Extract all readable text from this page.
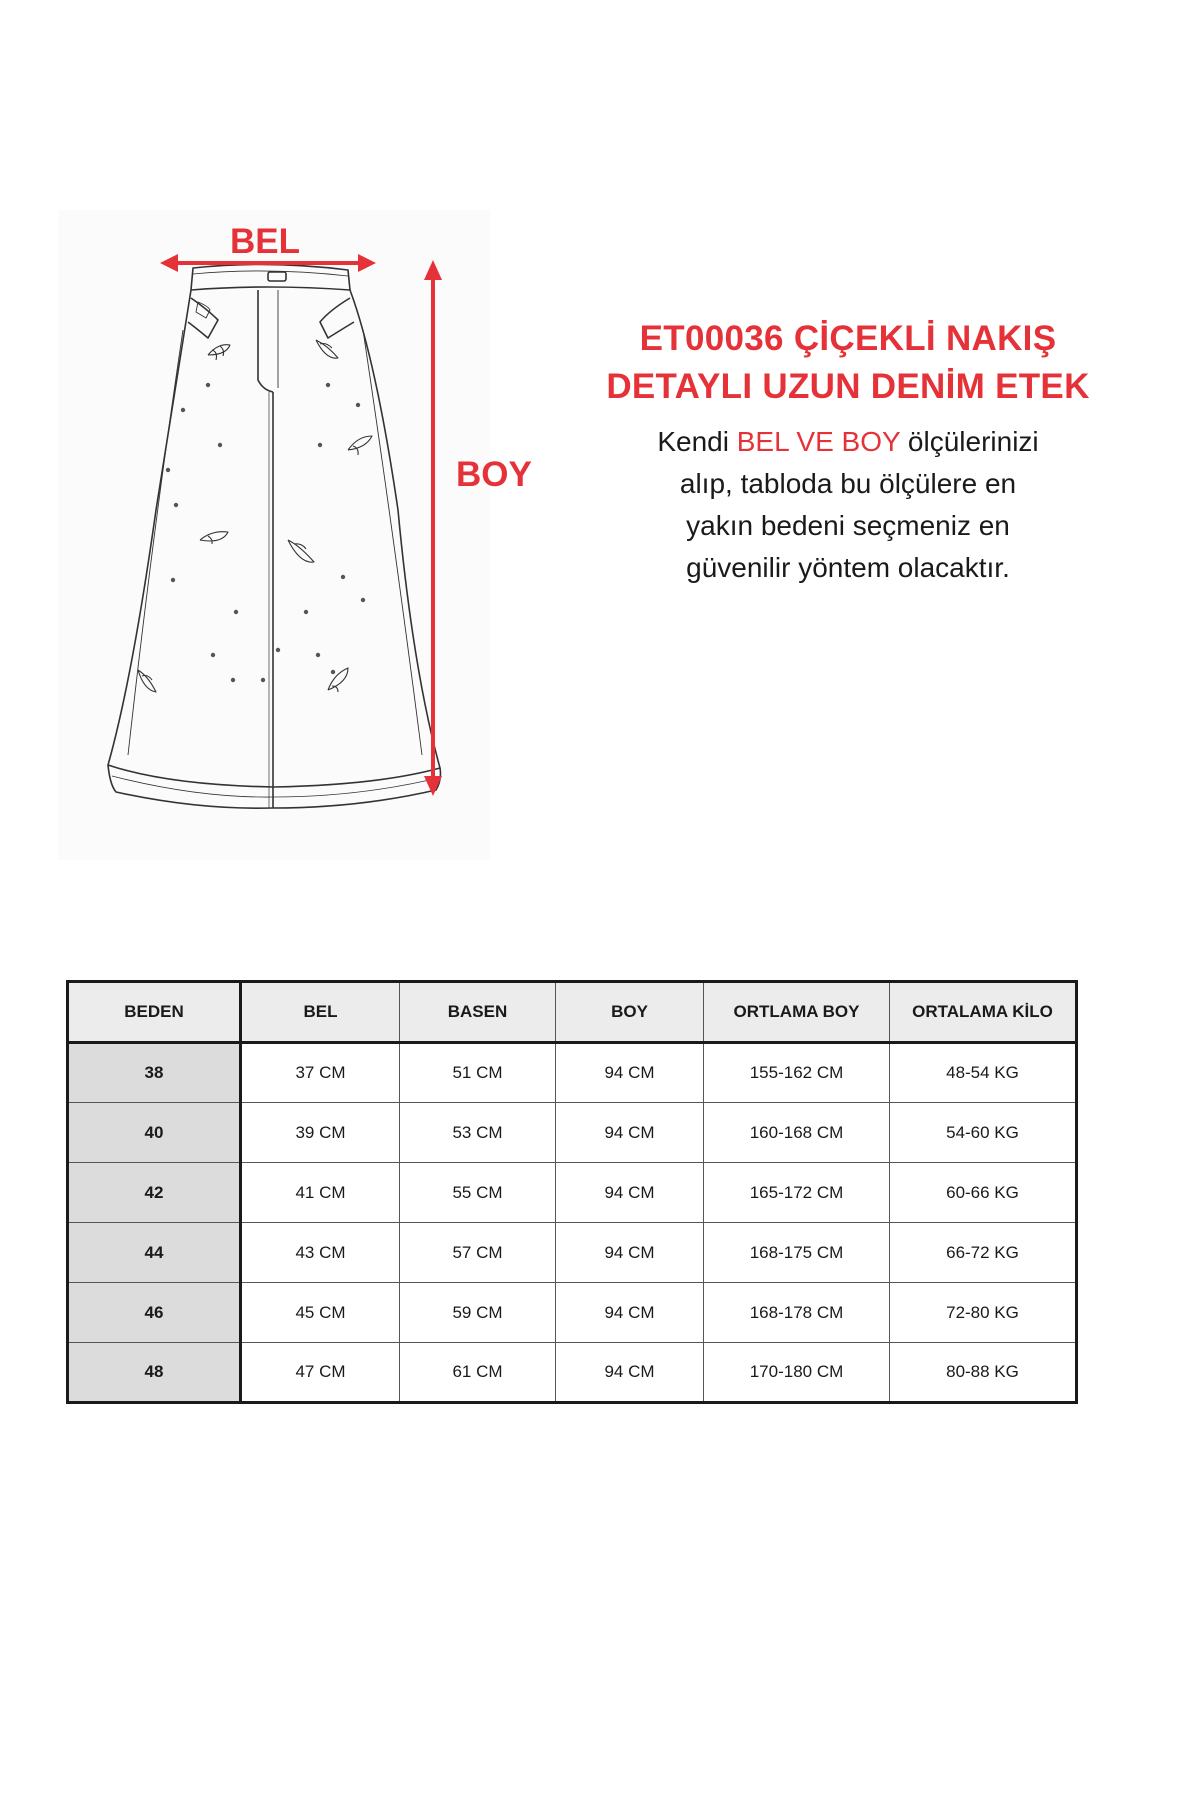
BEL
BOY
ET00036 ÇİÇEKLİ NAKIŞ
DETAYLI UZUN DENİM ETEK
Kendi BEL VE BOY ölçülerinizi
alıp, tabloda bu ölçülere en
yakın bedeni seçmeniz en
güvenilir yöntem olacaktır.
BEDEN	BEL	BASEN	BOY	ORTLAMA BOY	ORTALAMA KİLO
38	37 CM	51 CM	94 CM	155-162 CM	48-54 KG
40	39 CM	53 CM	94 CM	160-168 CM	54-60 KG
42	41 CM	55 CM	94 CM	165-172 CM	60-66 KG
44	43 CM	57 CM	94 CM	168-175 CM	66-72 KG
46	45 CM	59 CM	94 CM	168-178 CM	72-80 KG
48	47 CM	61 CM	94 CM	170-180 CM	80-88 KG
